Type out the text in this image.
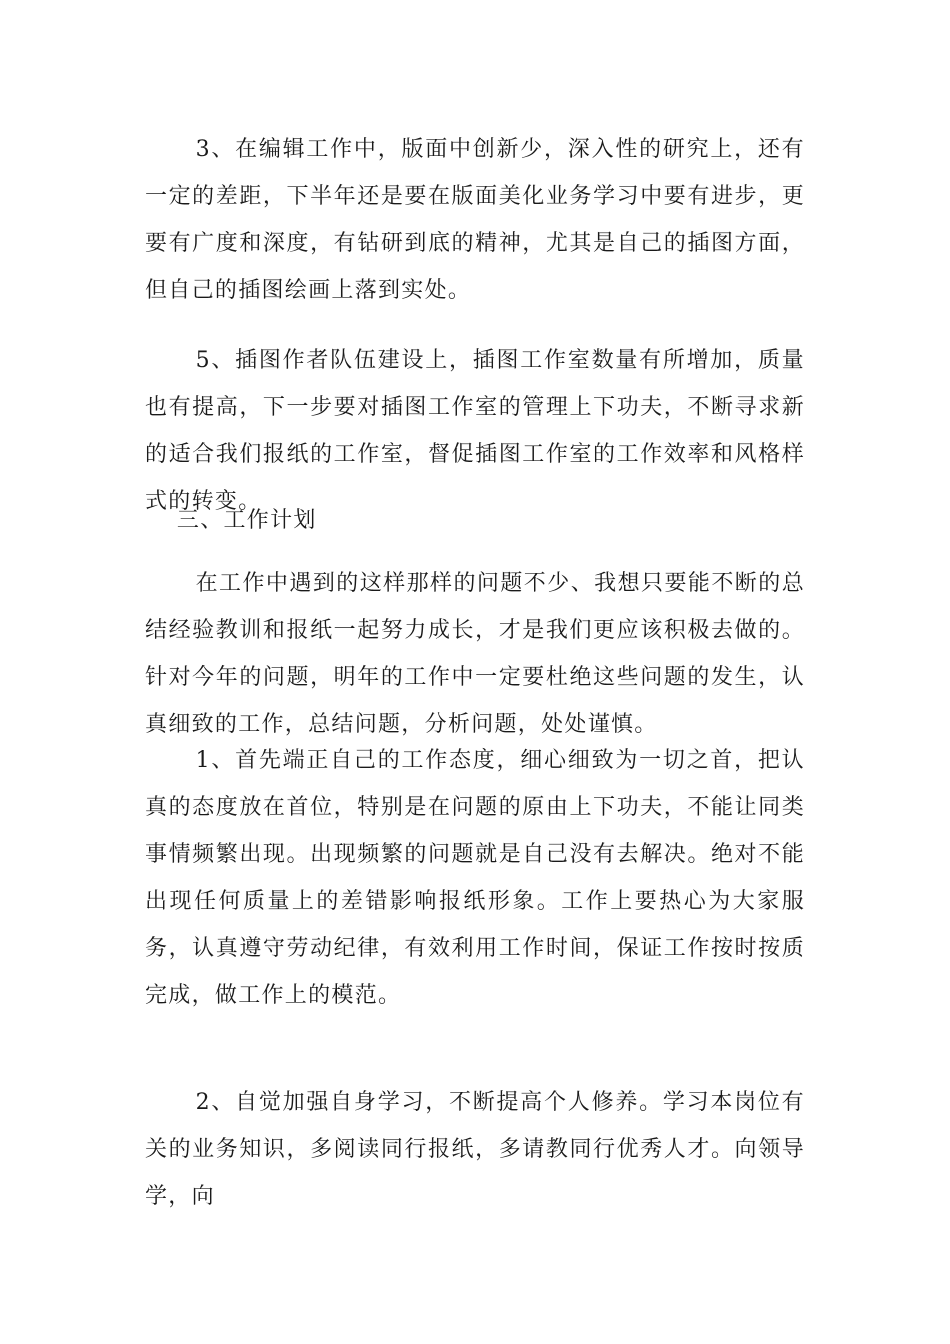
3、在编辑工作中，版面中创新少，深入性的研究上，还有一定的差距，下半年还是要在版面美化业务学习中要有进步，更要有广度和深度，有钻研到底的精神，尤其是自己的插图方面，但自己的插图绘画上落到实处。

5、插图作者队伍建设上，插图工作室数量有所增加，质量也有提高，下一步要对插图工作室的管理上下功夫，不断寻求新的适合我们报纸的工作室，督促插图工作室的工作效率和风格样式的转变。

三、工作计划

在工作中遇到的这样那样的问题不少、我想只要能不断的总结经验教训和报纸一起努力成长，才是我们更应该积极去做的。针对今年的问题，明年的工作中一定要杜绝这些问题的发生，认真细致的工作，总结问题，分析问题，处处谨慎。

1、首先端正自己的工作态度，细心细致为一切之首，把认真的态度放在首位，特别是在问题的原由上下功夫，不能让同类事情频繁出现。出现频繁的问题就是自己没有去解决。绝对不能出现任何质量上的差错影响报纸形象。工作上要热心为大家服务，认真遵守劳动纪律，有效利用工作时间，保证工作按时按质完成，做工作上的模范。

2、自觉加强自身学习，不断提高个人修养。学习本岗位有关的业务知识，多阅读同行报纸，多请教同行优秀人才。向领导学，向
